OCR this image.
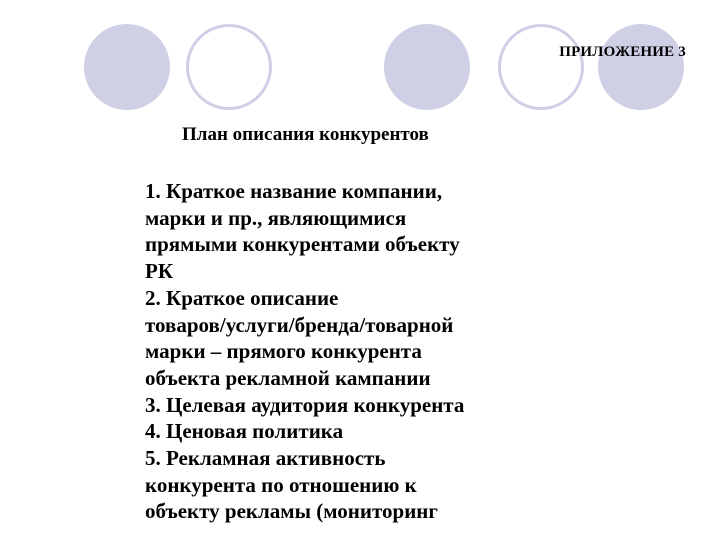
ПРИЛОЖЕНИЕ 3
План описания конкурентов
1. Краткое название компании,
марки и пр., являющимися
прямыми конкурентами объекту
РК
2. Краткое описание
товаров/услуги/бренда/товарной
марки – прямого конкурента
объекта рекламной кампании
3. Целевая аудитория конкурента
4. Ценовая политика
5. Рекламная активность
конкурента по отношению к
объекту рекламы (мониторинг
